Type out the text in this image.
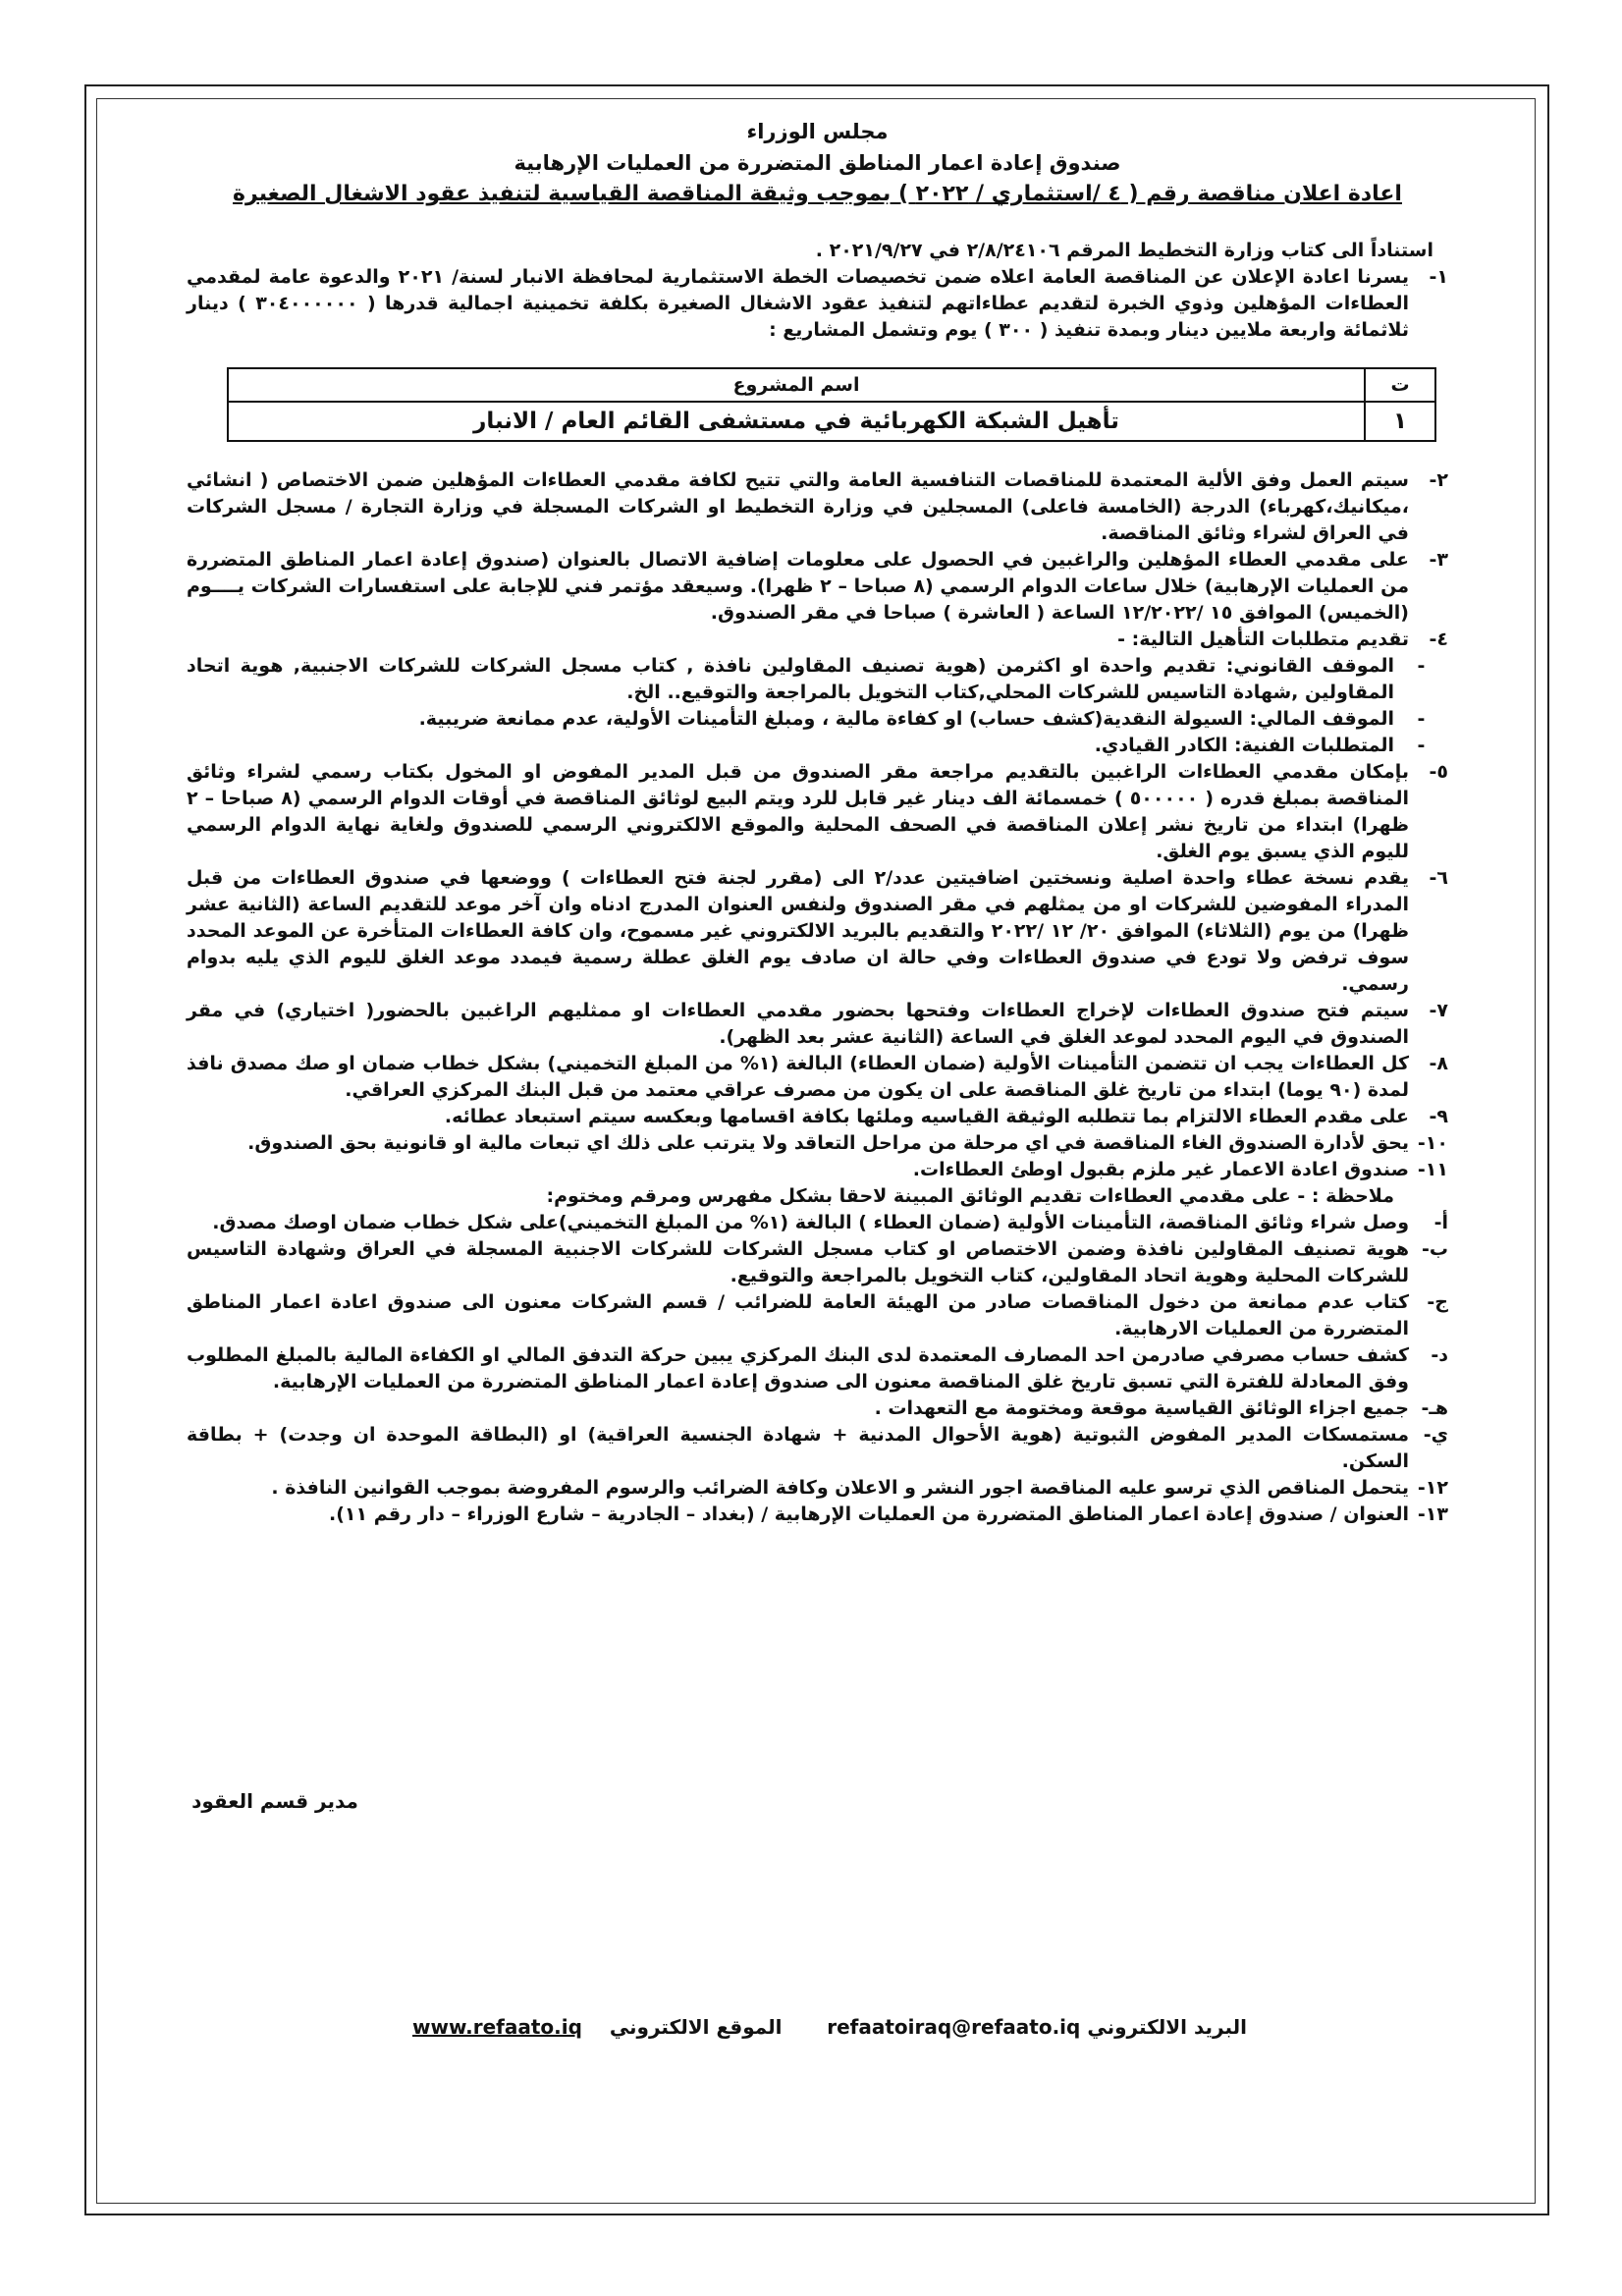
مجلس الوزراء
صندوق إعادة اعمار المناطق المتضررة من العمليات الإرهابية
اعادة اعلان مناقصة رقم ( ٤ /استثماري / ٢٠٢٢ ) بموجب وثيقة المناقصة القياسية لتنفيذ عقود الاشغال الصغيرة
استناداً الى كتاب وزارة التخطيط المرقم ٢/٨/٢٤١٠٦ في ٢٠٢١/٩/٢٧ .
١-
يسرنا اعادة الإعلان عن المناقصة العامة اعلاه ضمن تخصيصات الخطة الاستثمارية لمحافظة الانبار لسنة/ ٢٠٢١ والدعوة عامة لمقدمي العطاءات المؤهلين وذوي الخبرة لتقديم عطاءاتهم لتنفيذ عقود الاشغال الصغيرة بكلفة تخمينية اجمالية قدرها ( ٣٠٤٠٠٠٠٠٠ ) دينار ثلاثمائة واربعة ملايين دينار وبمدة تنفيذ ( ٣٠٠ ) يوم وتشمل المشاريع :
ت	اسم المشروع
١	تأهيل الشبكة الكهربائية في مستشفى القائم العام / الانبار
٢-
سيتم العمل وفق الألية المعتمدة للمناقصات التنافسية العامة والتي تتيح لكافة مقدمي العطاءات المؤهلين ضمن الاختصاص ( انشائي ،ميكانيك،كهرباء) الدرجة (الخامسة فاعلى) المسجلين في وزارة التخطيط او الشركات المسجلة في وزارة التجارة / مسجل الشركات في العراق لشراء وثائق المناقصة.
٣-
على مقدمي العطاء المؤهلين والراغبين في الحصول على معلومات إضافية الاتصال بالعنوان (صندوق إعادة اعمار المناطق المتضررة من العمليات الإرهابية) خلال ساعات الدوام الرسمي (٨ صباحا – ٢ ظهرا). وسيعقد مؤتمر فني للإجابة على استفسارات الشركات يــــوم (الخميس) الموافق ١٥ /١٢/٢٠٢٢ الساعة ( العاشرة ) صباحا في مقر الصندوق.
٤-
تقديم متطلبات التأهيل التالية: -
-
الموقف القانوني: تقديم واحدة او اكثرمن (هوية تصنيف المقاولين نافذة , كتاب مسجل الشركات للشركات الاجنبية, هوية اتحاد المقاولين ,شهادة التاسيس للشركات المحلي,كتاب التخويل بالمراجعة والتوقيع.. الخ.
-
الموقف المالي: السيولة النقدية(كشف حساب) او كفاءة مالية ، ومبلغ التأمينات الأولية، عدم ممانعة ضريبية.
-
المتطلبات الفنية: الكادر القيادي.
٥-
بإمكان مقدمي العطاءات الراغبين بالتقديم مراجعة مقر الصندوق من قبل المدير المفوض او المخول بكتاب رسمي لشراء وثائق المناقصة بمبلغ قدره ( ٥٠٠٠٠٠ ) خمسمائة الف دينار غير قابل للرد ويتم البيع لوثائق المناقصة في أوقات الدوام الرسمي (٨ صباحا – ٢ ظهرا) ابتداء من تاريخ نشر إعلان المناقصة في الصحف المحلية والموقع الالكتروني الرسمي للصندوق ولغاية نهاية الدوام الرسمي لليوم الذي يسبق يوم الغلق.
٦-
يقدم نسخة عطاء واحدة اصلية ونسختين اضافيتين عدد/٢ الى (مقرر لجنة فتح العطاءات ) ووضعها في صندوق العطاءات من قبل المدراء المفوضين للشركات او من يمثلهم في مقر الصندوق ولنفس العنوان المدرج ادناه وان آخر موعد للتقديم الساعة (الثانية عشر ظهرا) من يوم (الثلاثاء) الموافق ٢٠/ ١٢ /٢٠٢٢ والتقديم بالبريد الالكتروني غير مسموح، وان كافة العطاءات المتأخرة عن الموعد المحدد سوف ترفض ولا تودع في صندوق العطاءات وفي حالة ان صادف يوم الغلق عطلة رسمية فيمدد موعد الغلق لليوم الذي يليه بدوام رسمي.
٧-
سيتم فتح صندوق العطاءات لإخراج العطاءات وفتحها بحضور مقدمي العطاءات او ممثليهم الراغبين بالحضور( اختياري) في مقر الصندوق في اليوم المحدد لموعد الغلق في الساعة (الثانية عشر بعد الظهر).
٨-
كل العطاءات يجب ان تتضمن التأمينات الأولية (ضمان العطاء) البالغة (١% من المبلغ التخميني) بشكل خطاب ضمان او صك مصدق نافذ لمدة (٩٠ يوما) ابتداء من تاريخ غلق المناقصة على ان يكون من مصرف عراقي معتمد من قبل البنك المركزي العراقي.
٩-
على مقدم العطاء الالتزام بما تتطلبه الوثيقة القياسيه وملئها بكافة اقسامها وبعكسه سيتم استبعاد عطائه.
١٠-
يحق لأدارة الصندوق الغاء المناقصة في اي مرحلة من مراحل التعاقد ولا يترتب على ذلك اي تبعات مالية او قانونية بحق الصندوق.
١١-
صندوق اعادة الاعمار غير ملزم بقبول اوطئ العطاءات.
ملاحظة : - على مقدمي العطاءات تقديم الوثائق المبينة لاحقا بشكل مفهرس ومرقم ومختوم:
أ-
وصل شراء وثائق المناقصة، التأمينات الأولية (ضمان العطاء ) البالغة (١% من المبلغ التخميني)على شكل خطاب ضمان اوصك مصدق.
ب-
هوية تصنيف المقاولين نافذة وضمن الاختصاص او كتاب مسجل الشركات للشركات الاجنبية المسجلة في العراق وشهادة التاسيس للشركات المحلية وهوية اتحاد المقاولين، كتاب التخويل بالمراجعة والتوقيع.
ج-
كتاب عدم ممانعة من دخول المناقصات صادر من الهيئة العامة للضرائب / قسم الشركات معنون الى صندوق اعادة اعمار المناطق المتضررة من العمليات الارهابية.
د-
كشف حساب مصرفي صادرمن احد المصارف المعتمدة لدى البنك المركزي يبين حركة التدفق المالي او الكفاءة المالية بالمبلغ المطلوب وفق المعادلة للفترة التي تسبق تاريخ غلق المناقصة معنون الى صندوق إعادة اعمار المناطق المتضررة من العمليات الإرهابية.
هـ-
جميع اجزاء الوثائق القياسية موقعة ومختومة مع التعهدات .
ي-
مستمسكات المدير المفوض الثبوتية (هوية الأحوال المدنية + شهادة الجنسية العراقية) او (البطاقة الموحدة ان وجدت) + بطاقة السكن.
١٢-
يتحمل المناقص الذي ترسو عليه المناقصة اجور النشر و الاعلان وكافة الضرائب والرسوم المفروضة بموجب القوانين النافذة .
١٣-
العنوان / صندوق إعادة اعمار المناطق المتضررة من العمليات الإرهابية / (بغداد – الجادرية – شارع الوزراء – دار رقم ١١).
مدير قسم العقود
البريد الالكتروني refaatoiraq@refaato.iq
الموقع الالكتروني    www.refaato.iq
